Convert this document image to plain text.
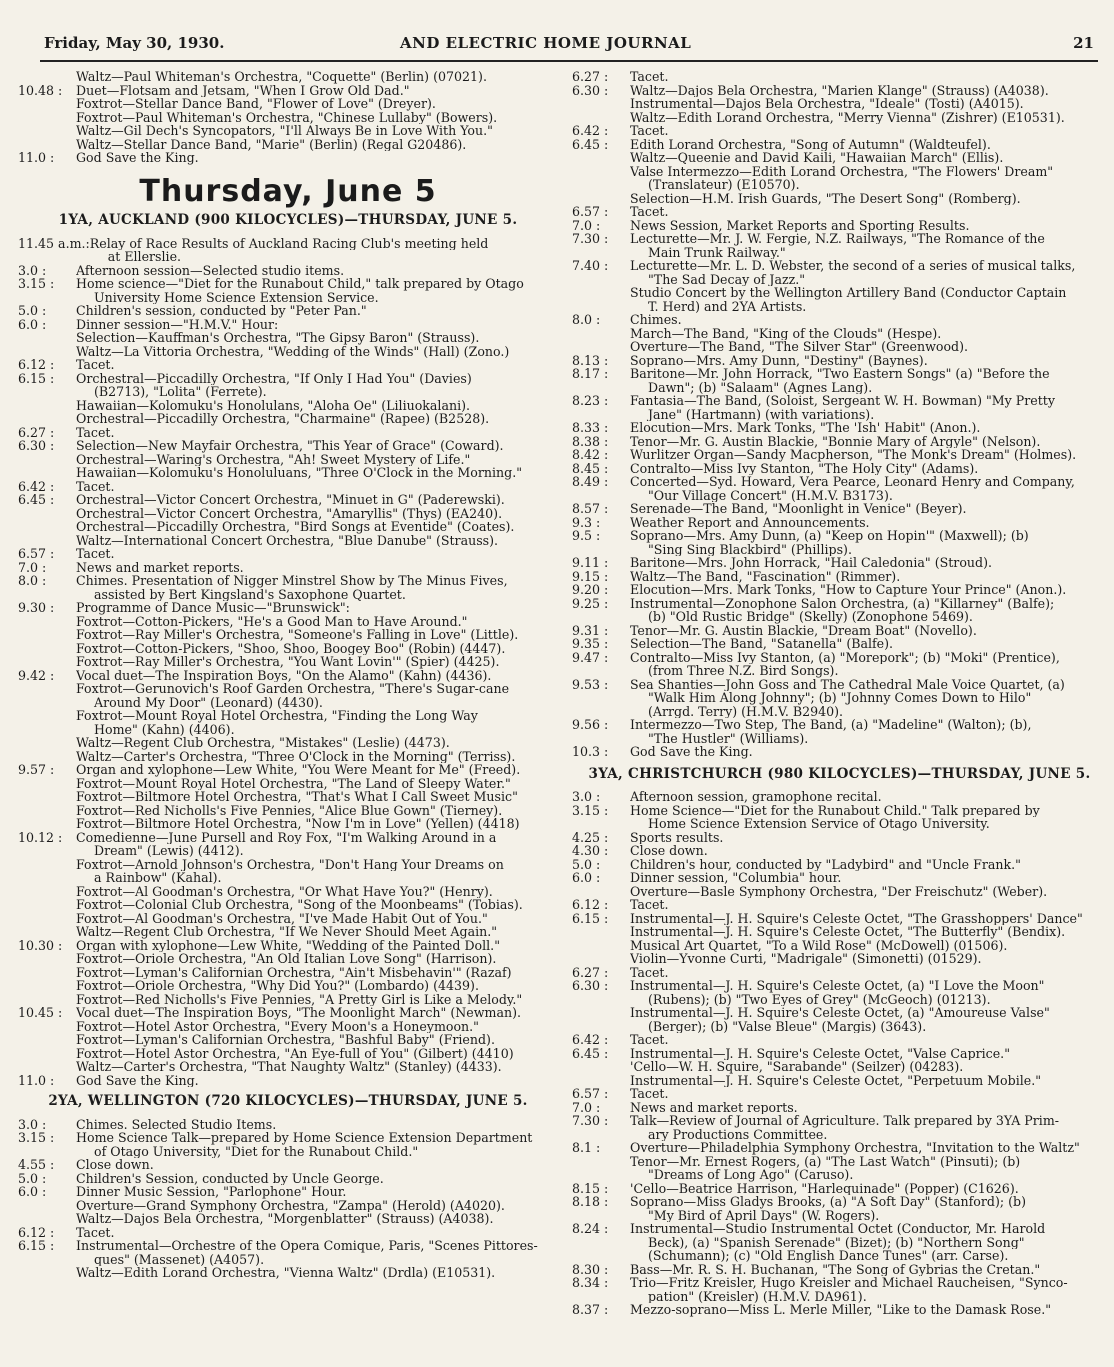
Friday, May 30, 1930.	AND ELECTRIC HOME JOURNAL	21
Waltz—Paul Whiteman's Orchestra, "Coquette" (Berlin) (07021).
10.48 :	Duet—Flotsam and Jetsam, "When I Grow Old Dad."
Foxtrot—Stellar Dance Band, "Flower of Love" (Dreyer).
Foxtrot—Paul Whiteman's Orchestra, "Chinese Lullaby" (Bowers).
Waltz—Gil Dech's Syncopators, "I'll Always Be in Love With You."
Waltz—Stellar Dance Band, "Marie" (Berlin) (Regal G20486).
11.0 :	God Save the King.
Thursday, June 5
1YA, AUCKLAND (900 KILOCYCLES)—THURSDAY, JUNE 5.
11.45 a.m.: Relay of Race Results of Auckland Racing Club's meeting held
at Ellerslie.
3.0 :	Afternoon session—Selected studio items.
3.15 :	Home science—"Diet for the Runabout Child," talk prepared by Otago
University Home Science Extension Service.
5.0 :	Children's session, conducted by "Peter Pan."
6.0 :	Dinner session—"H.M.V." Hour:
Selection—Kauffman's Orchestra, "The Gipsy Baron" (Strauss).
Waltz—La Vittoria Orchestra, "Wedding of the Winds" (Hall) (Zono.)
6.12 :	Tacet.
6.15 :	Orchestral—Piccadilly Orchestra, "If Only I Had You" (Davies)
(B2713), "Lolita" (Ferrete).
Hawaiian—Kolomuku's Honolulans, "Aloha Oe" (Liliuokalani).
Orchestral—Piccadilly Orchestra, "Charmaine" (Rapee) (B2528).
6.27 :	Tacet.
6.30 :	Selection—New Mayfair Orchestra, "This Year of Grace" (Coward).
Orchestral—Waring's Orchestra, "Ah! Sweet Mystery of Life."
Hawaiian—Kolomuku's Honoluluans, "Three O'Clock in the Morning."
6.42 :	Tacet.
6.45 :	Orchestral—Victor Concert Orchestra, "Minuet in G" (Paderewski).
Orchestral—Victor Concert Orchestra, "Amaryllis" (Thys) (EA240).
Orchestral—Piccadilly Orchestra, "Bird Songs at Eventide" (Coates).
Waltz—International Concert Orchestra, "Blue Danube" (Strauss).
6.57 :	Tacet.
7.0 :	News and market reports.
8.0 :	Chimes. Presentation of Nigger Minstrel Show by The Minus Fives,
assisted by Bert Kingsland's Saxophone Quartet.
9.30 :	Programme of Dance Music—"Brunswick":
Foxtrot—Cotton-Pickers, "He's a Good Man to Have Around."
Foxtrot—Ray Miller's Orchestra, "Someone's Falling in Love" (Little).
Foxtrot—Cotton-Pickers, "Shoo, Shoo, Boogey Boo" (Robin) (4447).
Foxtrot—Ray Miller's Orchestra, "You Want Lovin'" (Spier) (4425).
9.42 :	Vocal duet—The Inspiration Boys, "On the Alamo" (Kahn) (4436).
Foxtrot—Gerunovich's Roof Garden Orchestra, "There's Sugar-cane
Around My Door" (Leonard) (4430).
Foxtrot—Mount Royal Hotel Orchestra, "Finding the Long Way
Home" (Kahn) (4406).
Waltz—Regent Club Orchestra, "Mistakes" (Leslie) (4473).
Waltz—Carter's Orchestra, "Three O'Clock in the Morning" (Terriss).
9.57 :	Organ and xylophone—Lew White, "You Were Meant for Me" (Freed).
Foxtrot—Mount Royal Hotel Orchestra, "The Land of Sleepy Water."
Foxtrot—Biltmore Hotel Orchestra, "That's What I Call Sweet Music"
Foxtrot—Red Nicholls's Five Pennies, "Alice Blue Gown" (Tierney).
Foxtrot—Biltmore Hotel Orchestra, "Now I'm in Love" (Yellen) (4418)
10.12 :	Comedienne—June Pursell and Roy Fox, "I'm Walking Around in a
Dream" (Lewis) (4412).
Foxtrot—Arnold Johnson's Orchestra, "Don't Hang Your Dreams on
a Rainbow" (Kahal).
Foxtrot—Al Goodman's Orchestra, "Or What Have You?" (Henry).
Foxtrot—Colonial Club Orchestra, "Song of the Moonbeams" (Tobias).
Foxtrot—Al Goodman's Orchestra, "I've Made Habit Out of You."
Waltz—Regent Club Orchestra, "If We Never Should Meet Again."
10.30 :	Organ with xylophone—Lew White, "Wedding of the Painted Doll."
Foxtrot—Oriole Orchestra, "An Old Italian Love Song" (Harrison).
Foxtrot—Lyman's Californian Orchestra, "Ain't Misbehavin'" (Razaf)
Foxtrot—Oriole Orchestra, "Why Did You?" (Lombardo) (4439).
Foxtrot—Red Nicholls's Five Pennies, "A Pretty Girl is Like a Melody."
10.45 :	Vocal duet—The Inspiration Boys, "The Moonlight March" (Newman).
Foxtrot—Hotel Astor Orchestra, "Every Moon's a Honeymoon."
Foxtrot—Lyman's Californian Orchestra, "Bashful Baby" (Friend).
Foxtrot—Hotel Astor Orchestra, "An Eye-full of You" (Gilbert) (4410)
Waltz—Carter's Orchestra, "That Naughty Waltz" (Stanley) (4433).
11.0 :	God Save the King.
2YA, WELLINGTON (720 KILOCYCLES)—THURSDAY, JUNE 5.
3.0 :	Chimes. Selected Studio Items.
3.15 :	Home Science Talk—prepared by Home Science Extension Department
of Otago University, "Diet for the Runabout Child."
4.55 :	Close down.
5.0 :	Children's Session, conducted by Uncle George.
6.0 :	Dinner Music Session, "Parlophone" Hour.
Overture—Grand Symphony Orchestra, "Zampa" (Herold) (A4020).
Waltz—Dajos Bela Orchestra, "Morgenblatter" (Strauss) (A4038).
6.12 :	Tacet.
6.15 :	Instrumental—Orchestre of the Opera Comique, Paris, "Scenes Pittores-
ques" (Massenet) (A4057).
Waltz—Edith Lorand Orchestra, "Vienna Waltz" (Drdla) (E10531).
6.27 :	Tacet.
6.30 :	Waltz—Dajos Bela Orchestra, "Marien Klange" (Strauss) (A4038).
Instrumental—Dajos Bela Orchestra, "Ideale" (Tosti) (A4015).
Waltz—Edith Lorand Orchestra, "Merry Vienna" (Zishrer) (E10531).
6.42 :	Tacet.
6.45 :	Edith Lorand Orchestra, "Song of Autumn" (Waldteufel).
Waltz—Queenie and David Kaili, "Hawaiian March" (Ellis).
Valse Intermezzo—Edith Lorand Orchestra, "The Flowers' Dream"
(Translateur) (E10570).
Selection—H.M. Irish Guards, "The Desert Song" (Romberg).
6.57 :	Tacet.
7.0 :	News Session, Market Reports and Sporting Results.
7.30 :	Lecturette—Mr. J. W. Fergie, N.Z. Railways, "The Romance of the
Main Trunk Railway."
7.40 :	Lecturette—Mr. L. D. Webster, the second of a series of musical talks,
"The Sad Decay of Jazz."
Studio Concert by the Wellington Artillery Band (Conductor Captain
T. Herd) and 2YA Artists.
8.0 :	Chimes.
March—The Band, "King of the Clouds" (Hespe).
Overture—The Band, "The Silver Star" (Greenwood).
8.13 :	Soprano—Mrs. Amy Dunn, "Destiny" (Baynes).
8.17 :	Baritone—Mr. John Horrack, "Two Eastern Songs" (a) "Before the
Dawn"; (b) "Salaam" (Agnes Lang).
8.23 :	Fantasia—The Band, (Soloist, Sergeant W. H. Bowman) "My Pretty
Jane" (Hartmann) (with variations).
8.33 :	Elocution—Mrs. Mark Tonks, "The 'Ish' Habit" (Anon.).
8.38 :	Tenor—Mr. G. Austin Blackie, "Bonnie Mary of Argyle" (Nelson).
8.42 :	Wurlitzer Organ—Sandy Macpherson, "The Monk's Dream" (Holmes).
8.45 :	Contralto—Miss Ivy Stanton, "The Holy City" (Adams).
8.49 :	Concerted—Syd. Howard, Vera Pearce, Leonard Henry and Company,
"Our Village Concert" (H.M.V. B3173).
8.57 :	Serenade—The Band, "Moonlight in Venice" (Beyer).
9.3 :	Weather Report and Announcements.
9.5 :	Soprano—Mrs. Amy Dunn, (a) "Keep on Hopin'" (Maxwell); (b)
"Sing Sing Blackbird" (Phillips).
9.11 :	Baritone—Mrs. John Horrack, "Hail Caledonia" (Stroud).
9.15 :	Waltz—The Band, "Fascination" (Rimmer).
9.20 :	Elocution—Mrs. Mark Tonks, "How to Capture Your Prince" (Anon.).
9.25 :	Instrumental—Zonophone Salon Orchestra, (a) "Killarney" (Balfe);
(b) "Old Rustic Bridge" (Skelly) (Zonophone 5469).
9.31 :	Tenor—Mr. G. Austin Blackie, "Dream Boat" (Novello).
9.35 :	Selection—The Band, "Satanella" (Balfe).
9.47 :	Contralto—Miss Ivy Stanton, (a) "Morepork"; (b) "Moki" (Prentice),
(from Three N.Z. Bird Songs).
9.53 :	Sea Shanties—John Goss and The Cathedral Male Voice Quartet, (a)
"Walk Him Along Johnny"; (b) "Johnny Comes Down to Hilo"
(Arrgd. Terry) (H.M.V. B2940).
9.56 :	Intermezzo—Two Step, The Band, (a) "Madeline" (Walton); (b),
"The Hustler" (Williams).
10.3 :	God Save the King.
3YA, CHRISTCHURCH (980 KILOCYCLES)—THURSDAY, JUNE 5.
3.0 :	Afternoon session, gramophone recital.
3.15 :	Home Science—"Diet for the Runabout Child." Talk prepared by
Home Science Extension Service of Otago University.
4.25 :	Sports results.
4.30 :	Close down.
5.0 :	Children's hour, conducted by "Ladybird" and "Uncle Frank."
6.0 :	Dinner session, "Columbia" hour.
Overture—Basle Symphony Orchestra, "Der Freischutz" (Weber).
6.12 :	Tacet.
6.15 :	Instrumental—J. H. Squire's Celeste Octet, "The Grasshoppers' Dance"
Instrumental—J. H. Squire's Celeste Octet, "The Butterfly" (Bendix).
Musical Art Quartet, "To a Wild Rose" (McDowell) (01506).
Violin—Yvonne Curti, "Madrigale" (Simonetti) (01529).
6.27 :	Tacet.
6.30 :	Instrumental—J. H. Squire's Celeste Octet, (a) "I Love the Moon"
(Rubens); (b) "Two Eyes of Grey" (McGeoch) (01213).
Instrumental—J. H. Squire's Celeste Octet, (a) "Amoureuse Valse"
(Berger); (b) "Valse Bleue" (Margis) (3643).
6.42 :	Tacet.
6.45 :	Instrumental—J. H. Squire's Celeste Octet, "Valse Caprice."
'Cello—W. H. Squire, "Sarabande" (Seilzer) (04283).
Instrumental—J. H. Squire's Celeste Octet, "Perpetuum Mobile."
6.57 :	Tacet.
7.0 :	News and market reports.
7.30 :	Talk—Review of Journal of Agriculture. Talk prepared by 3YA Prim-
ary Productions Committee.
8.1 :	Overture—Philadelphia Symphony Orchestra, "Invitation to the Waltz"
Tenor—Mr. Ernest Rogers, (a) "The Last Watch" (Pinsuti); (b)
"Dreams of Long Ago" (Caruso).
8.15 :	'Cello—Beatrice Harrison, "Harlequinade" (Popper) (C1626).
8.18 :	Soprano—Miss Gladys Brooks, (a) "A Soft Day" (Stanford); (b)
"My Bird of April Days" (W. Rogers).
8.24 :	Instrumental—Studio Instrumental Octet (Conductor, Mr. Harold
Beck), (a) "Spanish Serenade" (Bizet); (b) "Northern Song"
(Schumann); (c) "Old English Dance Tunes" (arr. Carse).
8.30 :	Bass—Mr. R. S. H. Buchanan, "The Song of Gybrias the Cretan."
8.34 :	Trio—Fritz Kreisler, Hugo Kreisler and Michael Raucheisen, "Synco-
pation" (Kreisler) (H.M.V. DA961).
8.37 :	Mezzo-soprano—Miss L. Merle Miller, "Like to the Damask Rose."
